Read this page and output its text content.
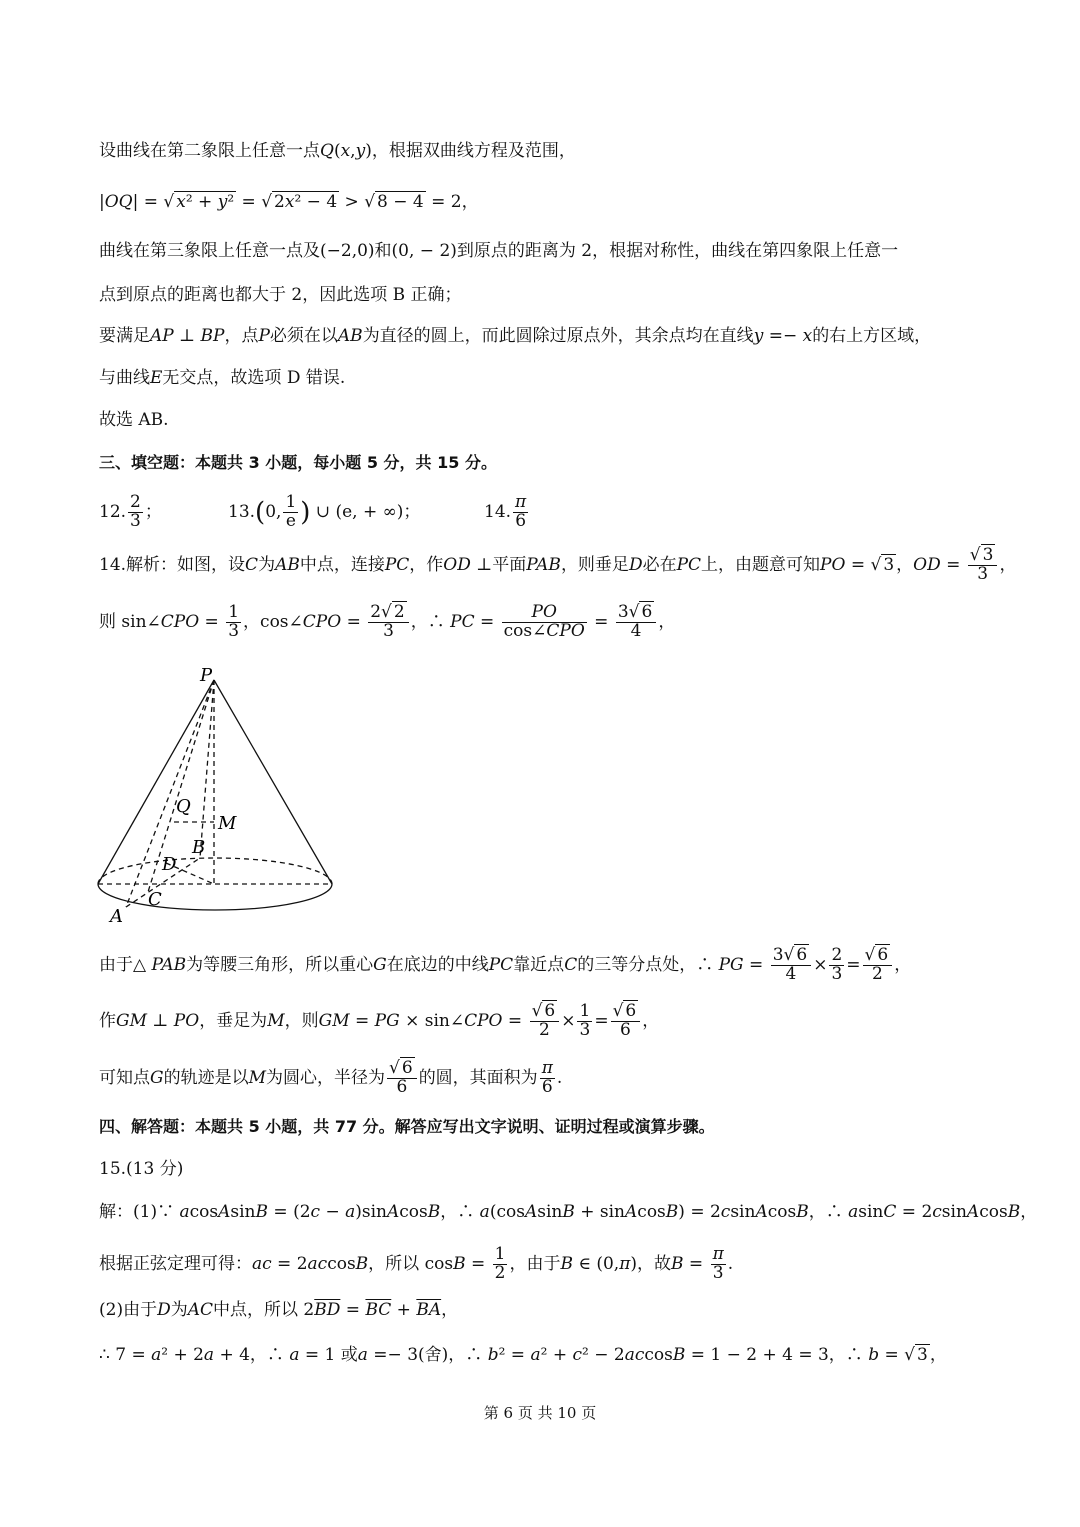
设曲线在第二象限上任意一点Q(x,y)，根据双曲线方程及范围，
|OQ| = √ x² + y² = √ 2x² − 4 > √ 8 − 4 = 2，
曲线在第三象限上任意一点及(−2,0)和(0, − 2)到原点的距离为 2，根据对称性，曲线在第四象限上任意一
点到原点的距离也都大于 2，因此选项 B 正确；
要满足AP ⊥ BP，点P必须在以AB为直径的圆上，而此圆除过原点外，其余点均在直线y =− x的右上方区域，
与曲线E无交点，故选项 D 错误.
故选 AB.
三、填空题：本题共 3 小题，每小题 5 分，共 15 分。
12. $\frac{2}{3}$ ；	13.(0, $\frac{1}{e}$ ) ∪ (e, + ∞)；	14. $\frac{\pi}{6}$
14.解析：如图，设C为AB中点，连接PC，作OD ⊥平面PAB，则垂足D必在PC上，由题意可知PO = √ 3 ，OD = $\frac{√ 3}{3}$ ，
则 sin∠CPO = $\frac{1}{3}$ ，cos∠CPO = $\frac{2√ 2}{3}$ ，∴ PC = $\frac{PO}{\text{cos∠CPO}} = \frac{3√ 6}{4}$ ，
P
Q
M
B
D
C
A
由于△ PAB为等腰三角形，所以重心G在底边的中线PC靠近点C的三等分点处，∴ PG = $\frac{3√ 6}{4} \times \frac{2}{3} = \frac{√ 6}{2}$ ，
作GM ⊥ PO，垂足为M，则GM = PG × sin∠CPO = $\frac{√ 6}{2} \times \frac{1}{3} = \frac{√ 6}{6}$ ，
可知点G的轨迹是以M为圆心，半径为 $\frac{√ 6}{6}$ 的圆，其面积为 $\frac{\pi}{6}$ .
四、解答题：本题共 5 小题，共 77 分。解答应写出文字说明、证明过程或演算步骤。
15.(13 分)
解：(1)∵ acosAsinB = (2c − a)sinAcosB，∴ a(cosAsinB + sinAcosB) = 2csinAcosB，∴ asinC = 2csinAcosB，
根据正弦定理可得：ac = 2accosB，所以 $\cos B = \frac{1}{2}$ ，由于B ∈ (0,π)，故$B = \frac{\pi}{3}$ .
(2)由于D为AC中点，所以 $2\overline{BD} = \overline{BC} + \overline{BA}$，
∴ 7 = a² + 2a + 4，∴ a = 1 或a =− 3(舍)，∴ b² = a² + c² − 2accosB = 1 − 2 + 4 = 3，∴ b = √ 3 ，
第 6 页 共 10 页
